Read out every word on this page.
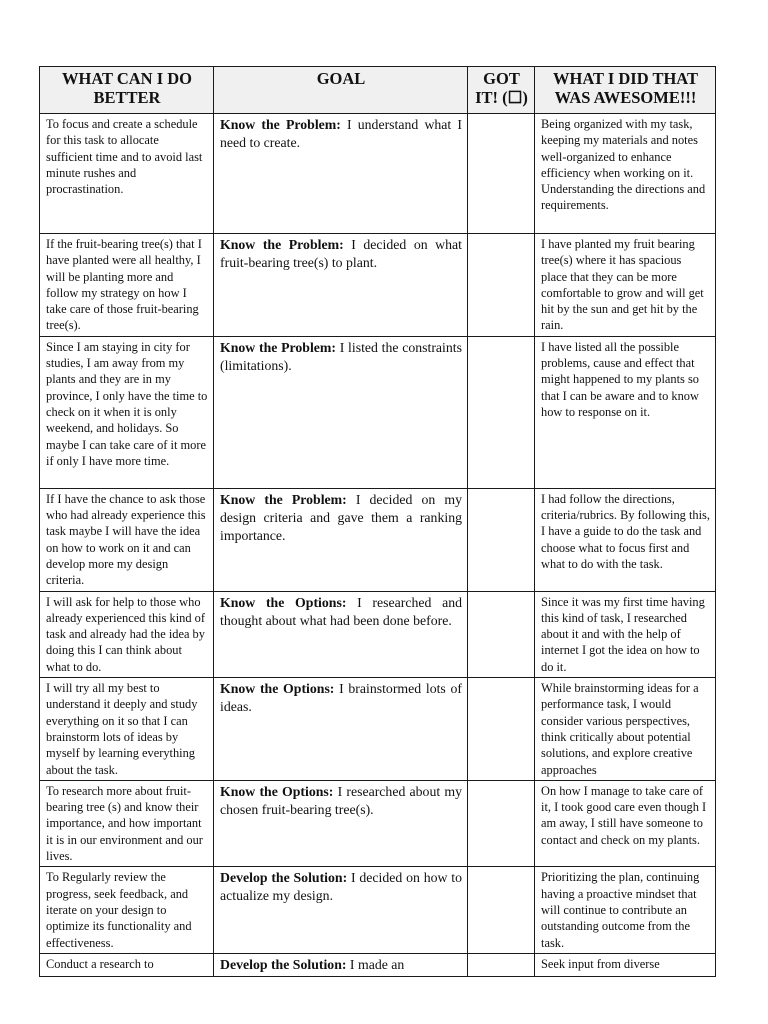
WHAT CAN I DO BETTER	GOAL	GOT IT! (☐)	WHAT I DID THAT WAS AWESOME!!!
To focus and create a schedule for this task to allocate sufficient time and to avoid last minute rushes and procrastination.	Know the Problem: I understand what I need to create.		Being organized with my task, keeping my materials and notes well-organized to enhance efficiency when working on it. Understanding the directions and requirements.
If the fruit-bearing tree(s) that I have planted were all healthy, I will be planting more and follow my strategy on how I take care of those fruit-bearing tree(s).	Know the Problem: I decided on what fruit-bearing tree(s) to plant.		I have planted my fruit bearing tree(s) where it has spacious place that they can be more comfortable to grow and will get hit by the sun and get hit by the rain.
Since I am staying in city for studies, I am away from my plants and they are in my province, I only have the time to check on it when it is only weekend, and holidays. So maybe I can take care of it more if only I have more time.	Know the Problem: I listed the constraints (limitations).		I have listed all the possible problems, cause and effect that might happened to my plants so that I can be aware and to know how to response on it.
If I have the chance to ask those who had already experience this task maybe I will have the idea on how to work on it and can develop more my design criteria.	Know the Problem: I decided on my design criteria and gave them a ranking importance.		I had follow the directions, criteria/rubrics. By following this, I have a guide to do the task and choose what to focus first and what to do with the task.
I will ask for help to those who already experienced this kind of task and already had the idea by doing this I can think about what to do.	Know the Options: I researched and thought about what had been done before.		Since it was my first time having this kind of task, I researched about it and with the help of internet I got the idea on how to do it.
I will try all my best to understand it deeply and study everything on it so that I can brainstorm lots of ideas by myself by learning everything about the task.	Know the Options: I brainstormed lots of ideas.		While brainstorming ideas for a performance task, I would consider various perspectives, think critically about potential solutions, and explore creative approaches
To research more about fruit-bearing tree (s) and know their importance, and how important it is in our environment and our lives.	Know the Options: I researched about my chosen fruit-bearing tree(s).		On how I manage to take care of it, I took good care even though I am away, I still have someone to contact and check on my plants.
To Regularly review the progress, seek feedback, and iterate on your design to optimize its functionality and effectiveness.	Develop the Solution: I decided on how to actualize my design.		Prioritizing the plan, continuing having a proactive mindset that will continue to contribute an outstanding outcome from the task.
Conduct a research to	Develop the Solution: I made an		Seek input from diverse
